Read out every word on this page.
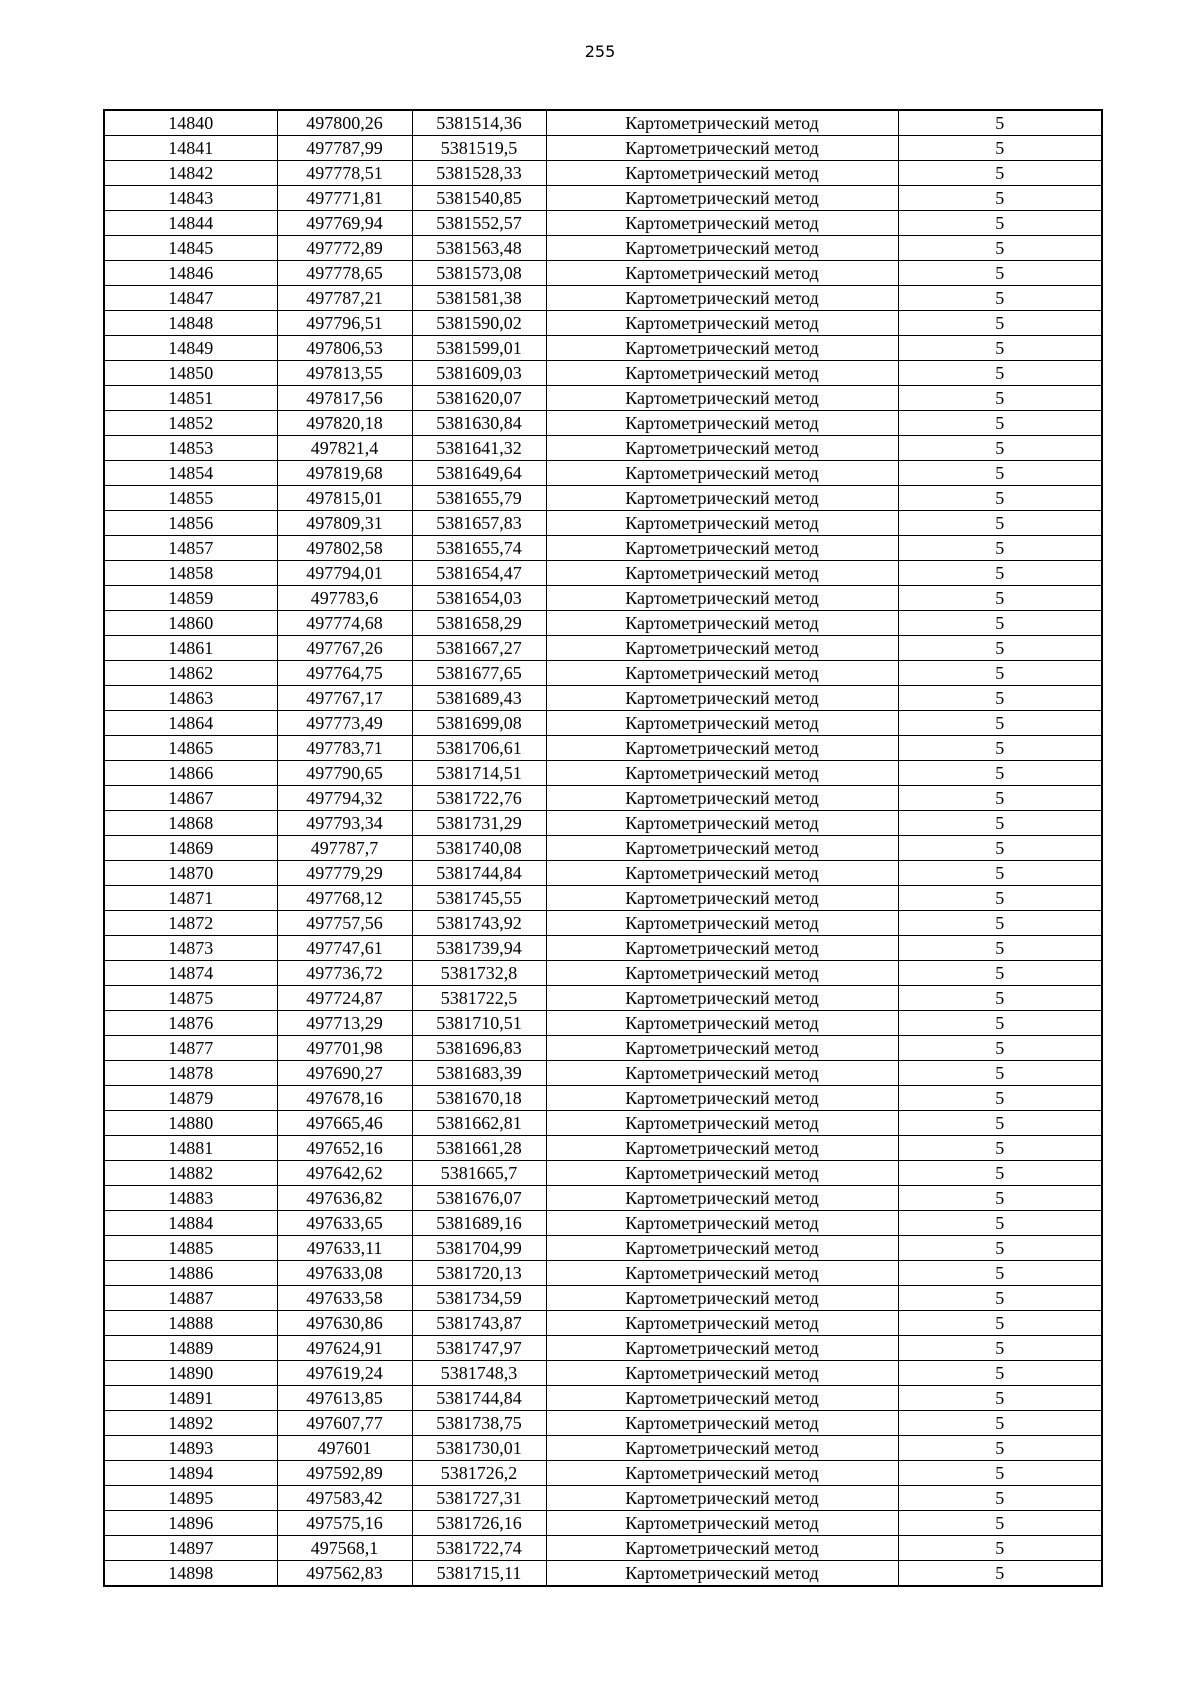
255
14840	497800,26	5381514,36	Картометрический метод	5
14841	497787,99	5381519,5	Картометрический метод	5
14842	497778,51	5381528,33	Картометрический метод	5
14843	497771,81	5381540,85	Картометрический метод	5
14844	497769,94	5381552,57	Картометрический метод	5
14845	497772,89	5381563,48	Картометрический метод	5
14846	497778,65	5381573,08	Картометрический метод	5
14847	497787,21	5381581,38	Картометрический метод	5
14848	497796,51	5381590,02	Картометрический метод	5
14849	497806,53	5381599,01	Картометрический метод	5
14850	497813,55	5381609,03	Картометрический метод	5
14851	497817,56	5381620,07	Картометрический метод	5
14852	497820,18	5381630,84	Картометрический метод	5
14853	497821,4	5381641,32	Картометрический метод	5
14854	497819,68	5381649,64	Картометрический метод	5
14855	497815,01	5381655,79	Картометрический метод	5
14856	497809,31	5381657,83	Картометрический метод	5
14857	497802,58	5381655,74	Картометрический метод	5
14858	497794,01	5381654,47	Картометрический метод	5
14859	497783,6	5381654,03	Картометрический метод	5
14860	497774,68	5381658,29	Картометрический метод	5
14861	497767,26	5381667,27	Картометрический метод	5
14862	497764,75	5381677,65	Картометрический метод	5
14863	497767,17	5381689,43	Картометрический метод	5
14864	497773,49	5381699,08	Картометрический метод	5
14865	497783,71	5381706,61	Картометрический метод	5
14866	497790,65	5381714,51	Картометрический метод	5
14867	497794,32	5381722,76	Картометрический метод	5
14868	497793,34	5381731,29	Картометрический метод	5
14869	497787,7	5381740,08	Картометрический метод	5
14870	497779,29	5381744,84	Картометрический метод	5
14871	497768,12	5381745,55	Картометрический метод	5
14872	497757,56	5381743,92	Картометрический метод	5
14873	497747,61	5381739,94	Картометрический метод	5
14874	497736,72	5381732,8	Картометрический метод	5
14875	497724,87	5381722,5	Картометрический метод	5
14876	497713,29	5381710,51	Картометрический метод	5
14877	497701,98	5381696,83	Картометрический метод	5
14878	497690,27	5381683,39	Картометрический метод	5
14879	497678,16	5381670,18	Картометрический метод	5
14880	497665,46	5381662,81	Картометрический метод	5
14881	497652,16	5381661,28	Картометрический метод	5
14882	497642,62	5381665,7	Картометрический метод	5
14883	497636,82	5381676,07	Картометрический метод	5
14884	497633,65	5381689,16	Картометрический метод	5
14885	497633,11	5381704,99	Картометрический метод	5
14886	497633,08	5381720,13	Картометрический метод	5
14887	497633,58	5381734,59	Картометрический метод	5
14888	497630,86	5381743,87	Картометрический метод	5
14889	497624,91	5381747,97	Картометрический метод	5
14890	497619,24	5381748,3	Картометрический метод	5
14891	497613,85	5381744,84	Картометрический метод	5
14892	497607,77	5381738,75	Картометрический метод	5
14893	497601	5381730,01	Картометрический метод	5
14894	497592,89	5381726,2	Картометрический метод	5
14895	497583,42	5381727,31	Картометрический метод	5
14896	497575,16	5381726,16	Картометрический метод	5
14897	497568,1	5381722,74	Картометрический метод	5
14898	497562,83	5381715,11	Картометрический метод	5
